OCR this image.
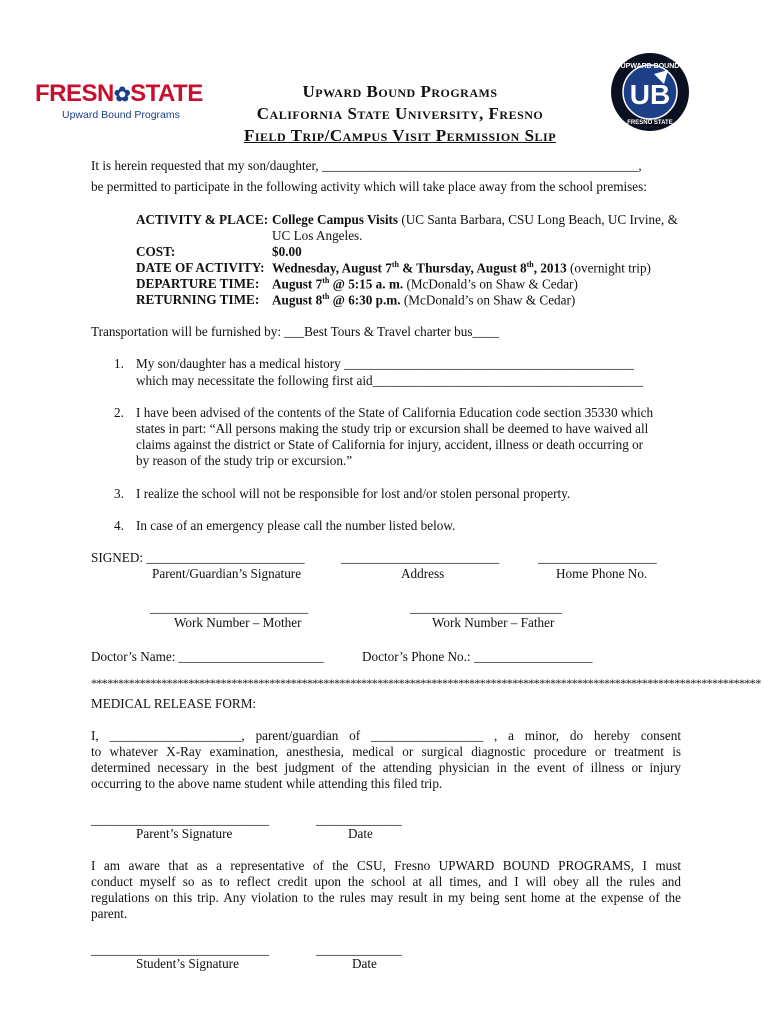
FRESN✿STATE
Upward Bound Programs
Upward Bound Programs
California State University, Fresno
Field Trip/Campus Visit Permission Slip
UPWARD BOUND
FRESNO STATE
UB
It is herein requested that my son/daughter, ________________________________________________,
be permitted to participate in the following activity which will take place away from the school premises:
ACTIVITY & PLACE: College Campus Visits (UC Santa Barbara, CSU Long Beach, UC Irvine, &
UC Los Angeles.
COST:	$0.00
DATE OF ACTIVITY: Wednesday, August 7th & Thursday, August 8th, 2013 (overnight trip)
DEPARTURE TIME: August 7th @ 5:15 a. m. (McDonald’s on Shaw & Cedar)
RETURNING TIME: August 8th @ 6:30 p.m. (McDonald’s on Shaw & Cedar)
Transportation will be furnished by: ___Best Tours & Travel charter bus____
1. My son/daughter has a medical history ____________________________________________
which may necessitate the following first aid_________________________________________
2. I have been advised of the contents of the State of California Education code section 35330 which
states in part: “All persons making the study trip or excursion shall be deemed to have waived all
claims against the district or State of California for injury, accident, illness or death occurring or
by reason of the study trip or excursion.”
3. I realize the school will not be responsible for lost and/or stolen personal property.
4. In case of an emergency please call the number listed below.
SIGNED: ________________________	________________________	__________________
Parent/Guardian’s Signature	Address	Home Phone No.
________________________	_______________________
Work Number – Mother	Work Number – Father
Doctor’s Name: ______________________	Doctor’s Phone No.: __________________
****************************************************************************************************************************
MEDICAL RELEASE FORM:
I, ____________________, parent/guardian of _________________ , a minor, do hereby consent
to whatever X-Ray examination, anesthesia, medical or surgical diagnostic procedure or treatment is
determined necessary in the best judgment of the attending physician in the event of illness or injury
occurring to the above name student while attending this filed trip.
___________________________	_____________
Parent’s Signature	Date
I am aware that as a representative of the CSU, Fresno UPWARD BOUND PROGRAMS, I must
conduct myself so as to reflect credit upon the school at all times, and I will obey all the rules and
regulations on this trip. Any violation to the rules may result in my being sent home at the expense of the
parent.
___________________________	_____________
Student’s Signature	Date
